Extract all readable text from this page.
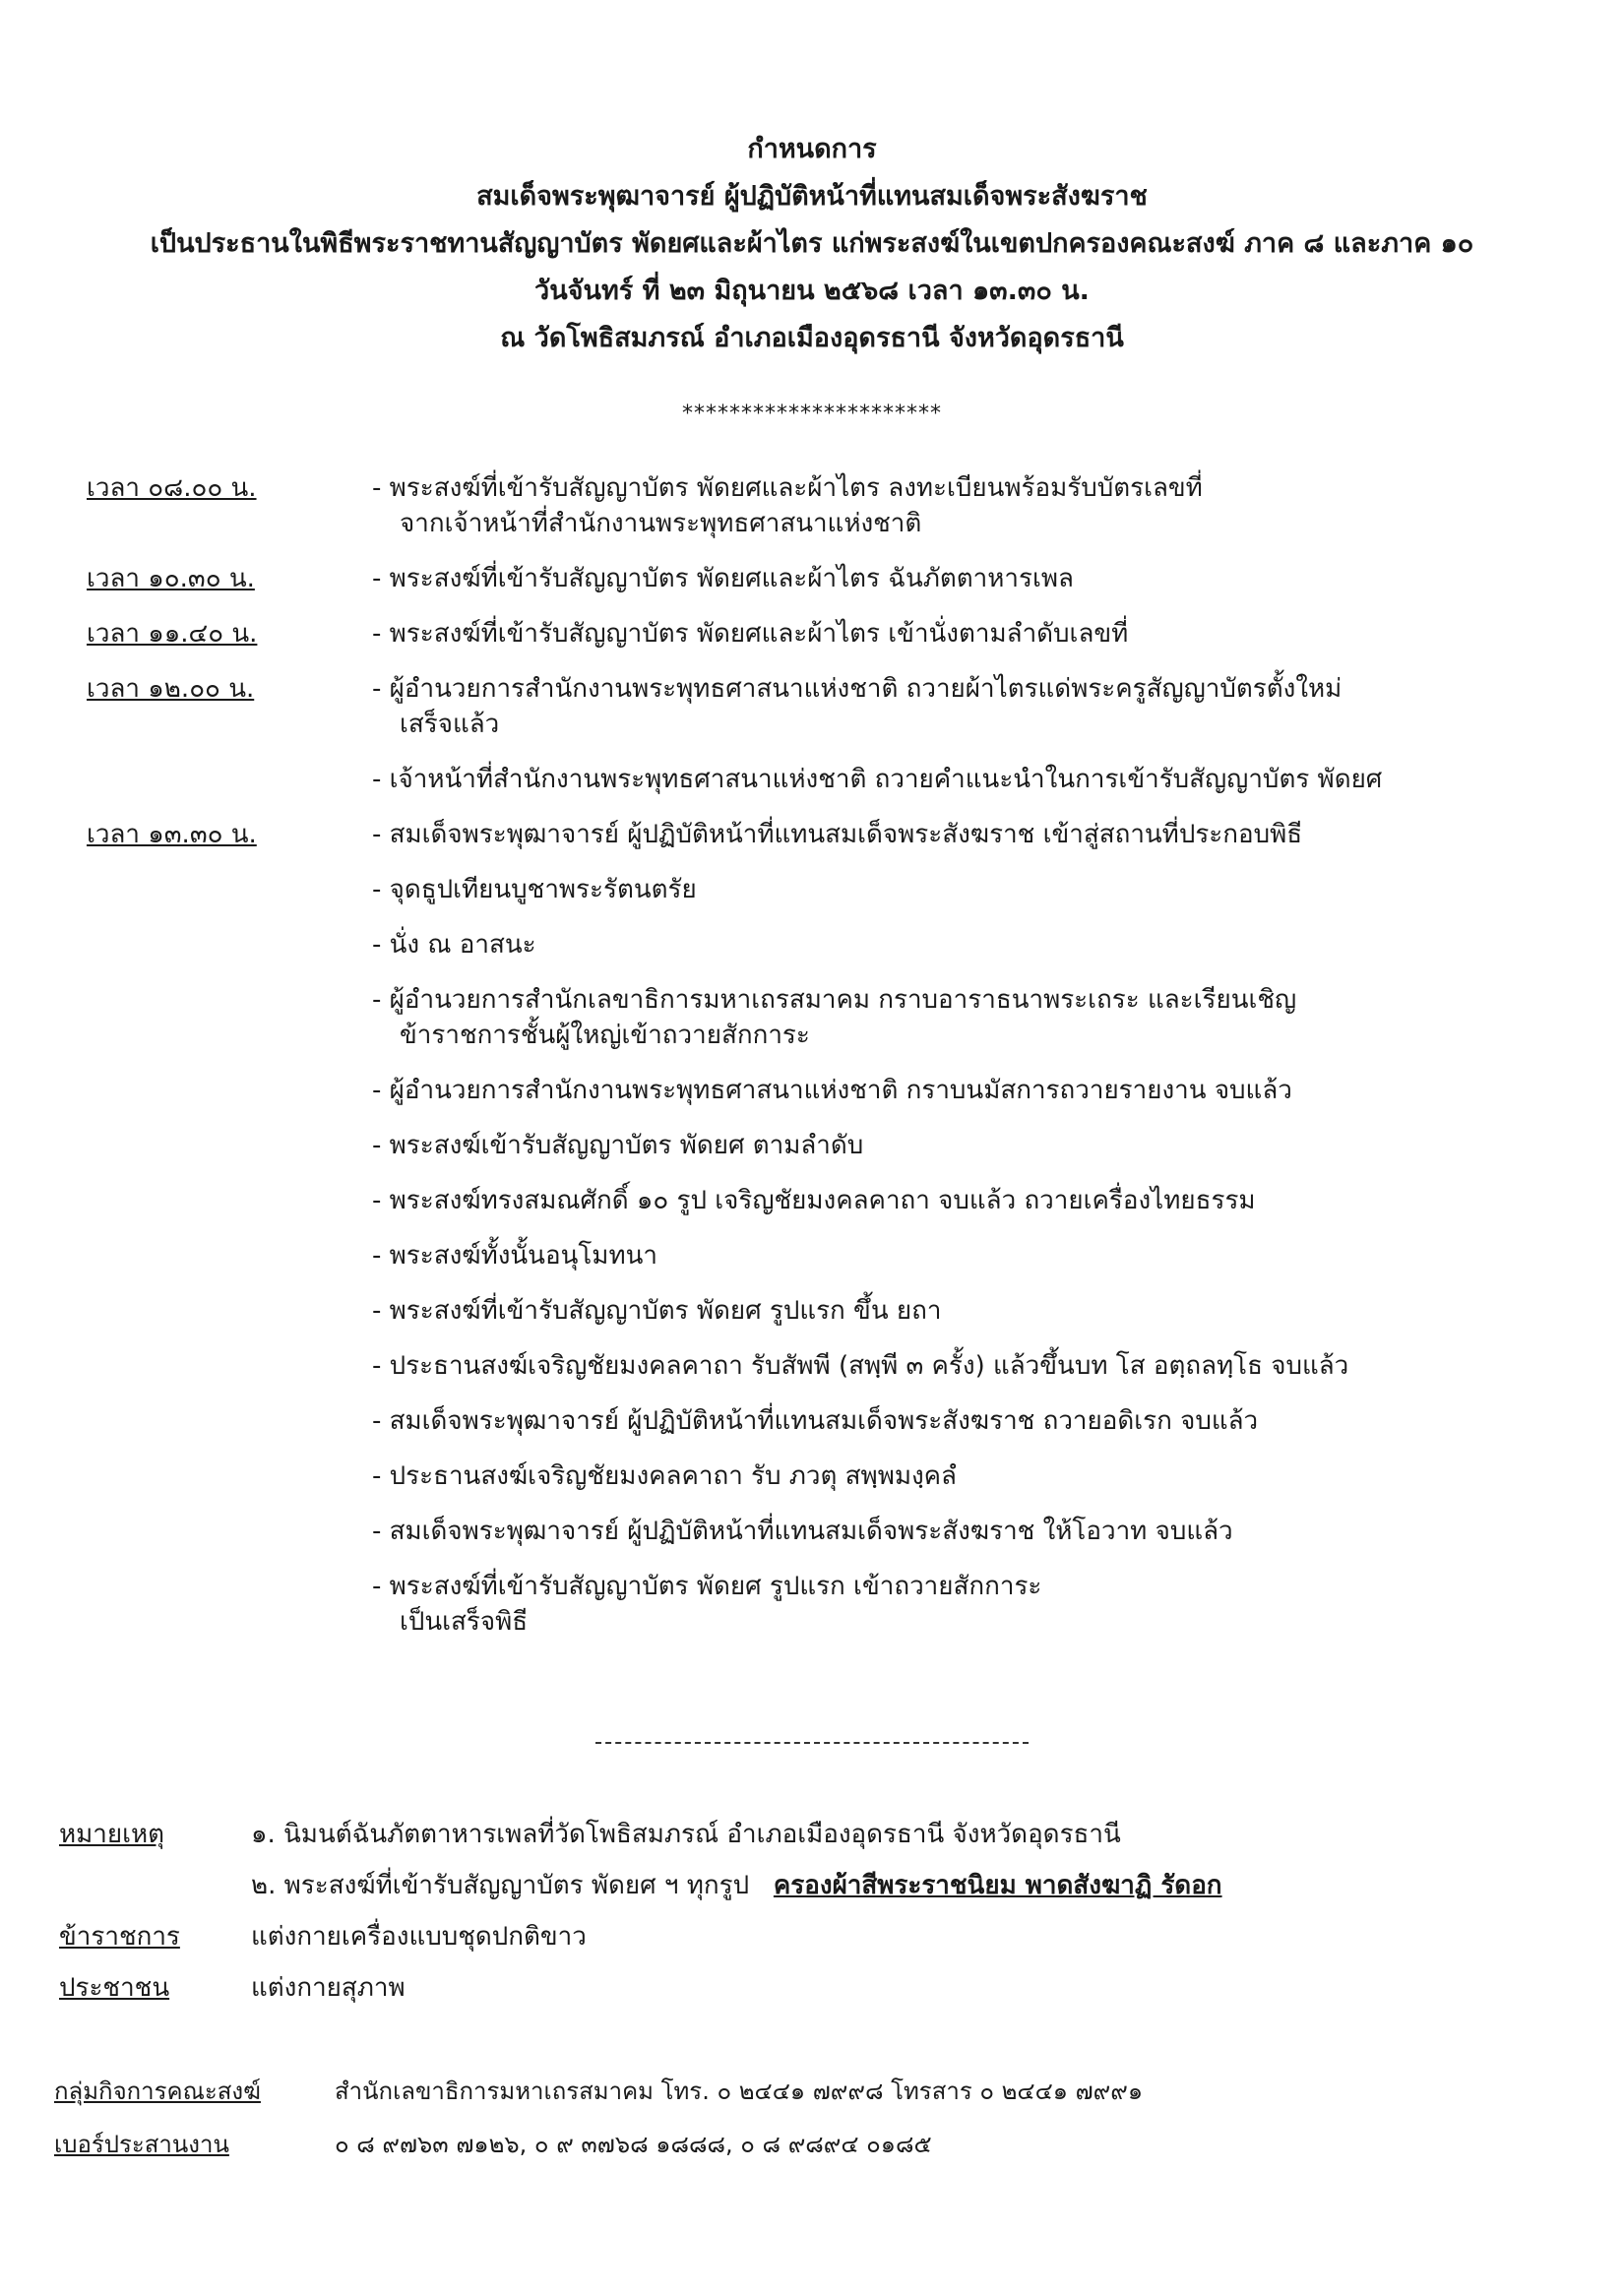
กำหนดการ
สมเด็จพระพุฒาจารย์ ผู้ปฏิบัติหน้าที่แทนสมเด็จพระสังฆราช
เป็นประธานในพิธีพระราชทานสัญญาบัตร พัดยศและผ้าไตร แก่พระสงฆ์ในเขตปกครองคณะสงฆ์ ภาค ๘ และภาค ๑๐
วันจันทร์ ที่ ๒๓ มิถุนายน ๒๕๖๘ เวลา ๑๓.๓๐ น.
ณ วัดโพธิสมภรณ์ อำเภอเมืองอุดรธานี จังหวัดอุดรธานี
**********************
เวลา ๐๘.๐๐ น.	- พระสงฆ์ที่เข้ารับสัญญาบัตร พัดยศและผ้าไตร ลงทะเบียนพร้อมรับบัตรเลขที่
จากเจ้าหน้าที่สำนักงานพระพุทธศาสนาแห่งชาติ
เวลา ๑๐.๓๐ น.	- พระสงฆ์ที่เข้ารับสัญญาบัตร พัดยศและผ้าไตร ฉันภัตตาหารเพล
เวลา ๑๑.๔๐ น.	- พระสงฆ์ที่เข้ารับสัญญาบัตร พัดยศและผ้าไตร เข้านั่งตามลำดับเลขที่
เวลา ๑๒.๐๐ น.	- ผู้อำนวยการสำนักงานพระพุทธศาสนาแห่งชาติ ถวายผ้าไตรแด่พระครูสัญญาบัตรตั้งใหม่
เสร็จแล้ว
- เจ้าหน้าที่สำนักงานพระพุทธศาสนาแห่งชาติ ถวายคำแนะนำในการเข้ารับสัญญาบัตร พัดยศ
เวลา ๑๓.๓๐ น.	- สมเด็จพระพุฒาจารย์ ผู้ปฏิบัติหน้าที่แทนสมเด็จพระสังฆราช เข้าสู่สถานที่ประกอบพิธี
- จุดธูปเทียนบูชาพระรัตนตรัย
- นั่ง ณ อาสนะ
- ผู้อำนวยการสำนักเลขาธิการมหาเถรสมาคม กราบอาราธนาพระเถระ และเรียนเชิญ
ข้าราชการชั้นผู้ใหญ่เข้าถวายสักการะ
- ผู้อำนวยการสำนักงานพระพุทธศาสนาแห่งชาติ กราบนมัสการถวายรายงาน จบแล้ว
- พระสงฆ์เข้ารับสัญญาบัตร พัดยศ ตามลำดับ
- พระสงฆ์ทรงสมณศักดิ์ ๑๐ รูป เจริญชัยมงคลคาถา จบแล้ว ถวายเครื่องไทยธรรม
- พระสงฆ์ทั้งนั้นอนุโมทนา
- พระสงฆ์ที่เข้ารับสัญญาบัตร พัดยศ รูปแรก ขึ้น ยถา
- ประธานสงฆ์เจริญชัยมงคลคาถา รับสัพพี (สพฺพี ๓ ครั้ง) แล้วขึ้นบท โส อตฺถลทฺโธ จบแล้ว
- สมเด็จพระพุฒาจารย์ ผู้ปฏิบัติหน้าที่แทนสมเด็จพระสังฆราช ถวายอดิเรก จบแล้ว
- ประธานสงฆ์เจริญชัยมงคลคาถา รับ ภวตุ สพฺพมงฺคลํ
- สมเด็จพระพุฒาจารย์ ผู้ปฏิบัติหน้าที่แทนสมเด็จพระสังฆราช ให้โอวาท จบแล้ว
- พระสงฆ์ที่เข้ารับสัญญาบัตร พัดยศ รูปแรก เข้าถวายสักการะ
เป็นเสร็จพิธี
หมายเหตุ	๑. นิมนต์ฉันภัตตาหารเพลที่วัดโพธิสมภรณ์ อำเภอเมืองอุดรธานี จังหวัดอุดรธานี
๒. พระสงฆ์ที่เข้ารับสัญญาบัตร พัดยศ ฯ ทุกรูป ครองผ้าสีพระราชนิยม พาดสังฆาฏิ รัดอก
ข้าราชการ	แต่งกายเครื่องแบบชุดปกติขาว
ประชาชน	แต่งกายสุภาพ
กลุ่มกิจการคณะสงฆ์	สำนักเลขาธิการมหาเถรสมาคม โทร. ๐ ๒๔๔๑ ๗๙๙๘ โทรสาร ๐ ๒๔๔๑ ๗๙๙๑
เบอร์ประสานงาน	๐ ๘ ๙๗๖๓ ๗๑๒๖, ๐ ๙ ๓๗๖๘ ๑๘๘๘, ๐ ๘ ๙๘๙๔ ๐๑๘๕
